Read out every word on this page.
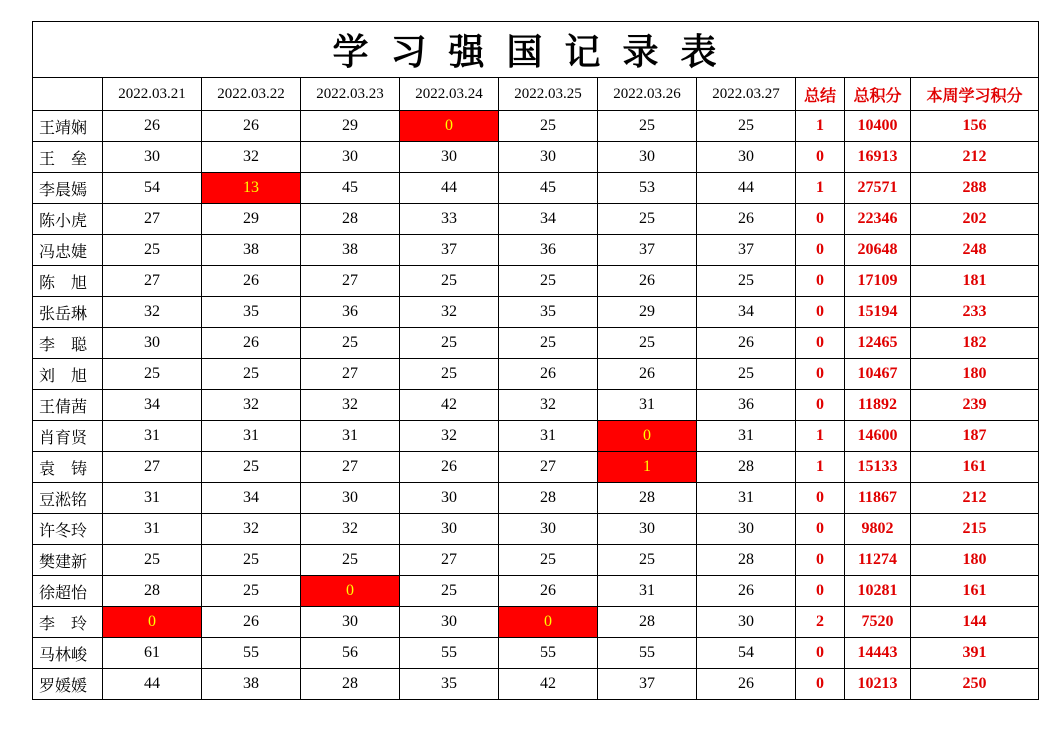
学习强国记录表										
	2022.03.21	2022.03.22	2022.03.23	2022.03.24	2022.03.25	2022.03.26	2022.03.27	总结	总积分	本周学习积分
王靖娴	26	26	29	0	25	25	25	1	10400	156
王　垒	30	32	30	30	30	30	30	0	16913	212
李晨嫣	54	13	45	44	45	53	44	1	27571	288
陈小虎	27	29	28	33	34	25	26	0	22346	202
冯忠婕	25	38	38	37	36	37	37	0	20648	248
陈　旭	27	26	27	25	25	26	25	0	17109	181
张岳琳	32	35	36	32	35	29	34	0	15194	233
李　聪	30	26	25	25	25	25	26	0	12465	182
刘　旭	25	25	27	25	26	26	25	0	10467	180
王倩茜	34	32	32	42	32	31	36	0	11892	239
肖育贤	31	31	31	32	31	0	31	1	14600	187
袁　铸	27	25	27	26	27	1	28	1	15133	161
豆淞铭	31	34	30	30	28	28	31	0	11867	212
许冬玲	31	32	32	30	30	30	30	0	9802	215
樊建新	25	25	25	27	25	25	28	0	11274	180
徐超怡	28	25	0	25	26	31	26	0	10281	161
李　玲	0	26	30	30	0	28	30	2	7520	144
马林峻	61	55	56	55	55	55	54	0	14443	391
罗媛媛	44	38	28	35	42	37	26	0	10213	250
